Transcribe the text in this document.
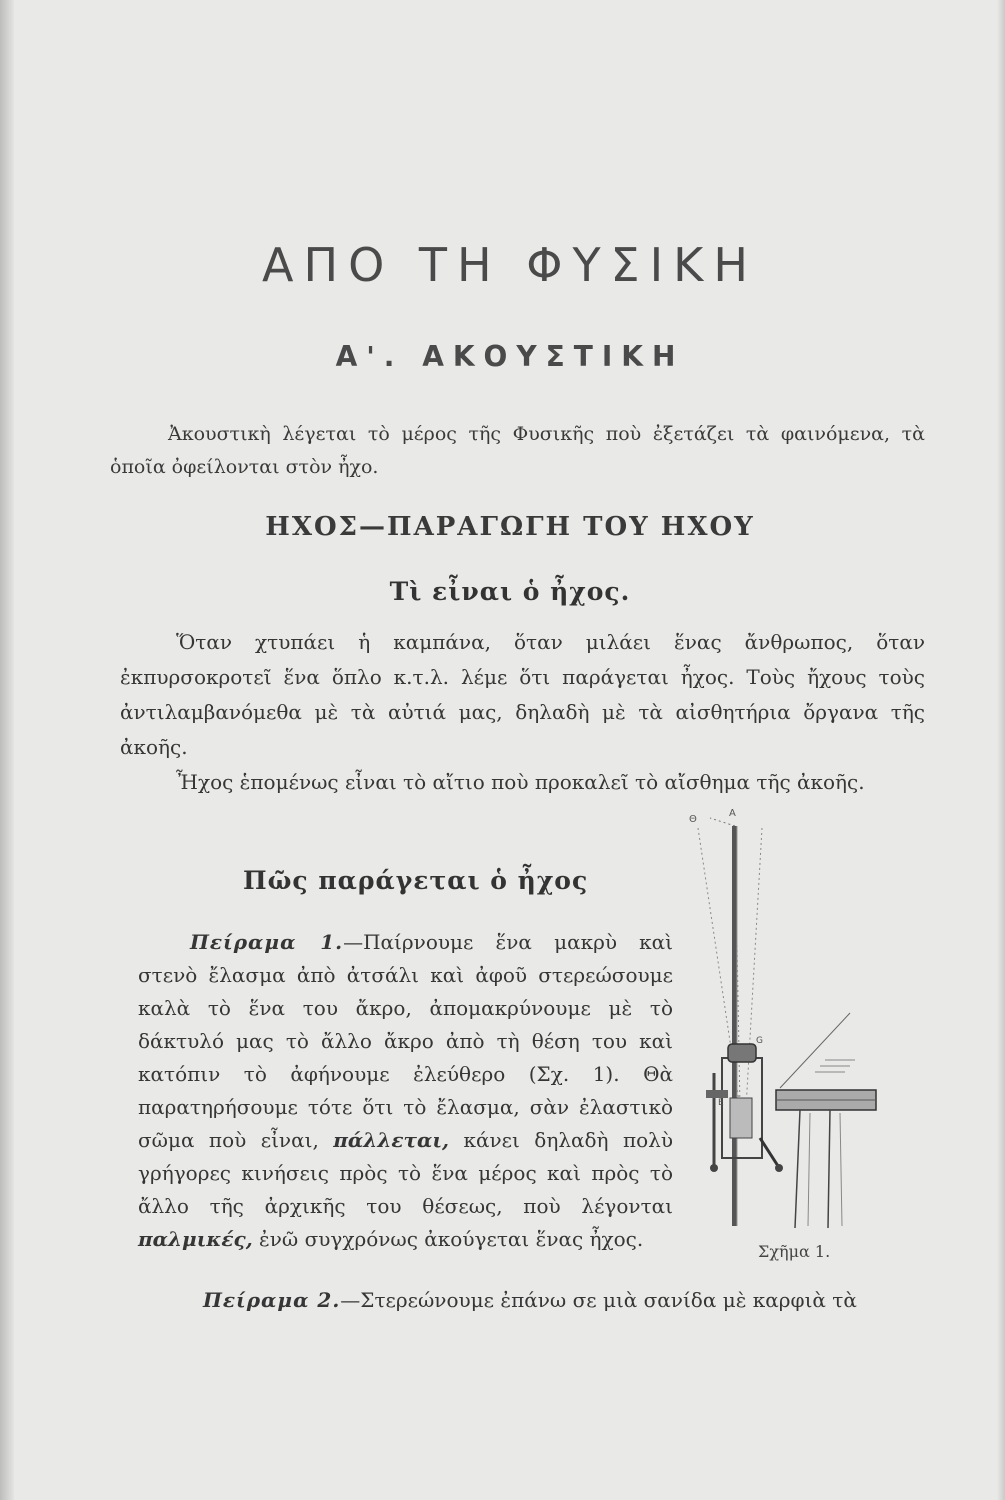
ΑΠΟ ΤΗ ΦΥΣΙΚΗ
Α'. ΑΚΟΥΣΤΙΚΗ

Ἀκουστικὴ λέγεται τὸ μέρος τῆς Φυσικῆς ποὺ ἐξετάζει τὰ φαινόμενα, τὰ ὁποῖα ὀφείλονται στὸν ἦχο.

ΗΧΟΣ—ΠΑΡΑΓΩΓΗ ΤΟΥ ΗΧΟΥ
Τὶ εἶναι ὁ ἦχος.

Ὅταν χτυπάει ἡ καμπάνα, ὅταν μιλάει ἕνας ἄνθρωπος, ὅταν ἐκπυρσοκροτεῖ ἕνα ὅπλο κ.τ.λ. λέμε ὅτι παράγεται ἦχος. Τοὺς ἤχους τοὺς ἀντιλαμβανόμεθα μὲ τὰ αὐτιά μας, δηλαδὴ μὲ τὰ αἰσθητήρια ὄργανα τῆς ἀκοῆς.

Ἦχος ἑπομένως εἶναι τὸ αἴτιο ποὺ προκαλεῖ τὸ αἴσθημα τῆς ἀκοῆς.

Πῶς παράγεται ὁ ἦχος

Πείραμα 1.—Παίρνουμε ἕνα μακρὺ καὶ στενὸ ἔλασμα ἀπὸ ἀτσάλι καὶ ἀφοῦ στερεώσουμε καλὰ τὸ ἕνα του ἄκρο, ἀπομακρύνουμε μὲ τὸ δάκτυλό μας τὸ ἄλλο ἄκρο ἀπὸ τὴ θέση του καὶ κατόπιν τὸ ἀφήνουμε ἐλεύθερο (Σχ. 1). Θὰ παρατηρήσουμε τότε ὅτι τὸ ἔλασμα, σὰν ἐλαστικὸ σῶμα ποὺ εἶναι, πάλλεται, κάνει δηλαδὴ πολὺ γρήγορες κινήσεις πρὸς τὸ ἕνα μέρος καὶ πρὸς τὸ ἄλλο τῆς ἀρχικῆς του θέσεως, ποὺ λέγονται παλμικές, ἐνῶ συγχρόνως ἀκούγεται ἕνας ἦχος.

Α
Θ
G
E

Σχῆμα 1.

Πείραμα 2.—Στερεώνουμε ἐπάνω σε μιὰ σανίδα μὲ καρφιὰ τὰ
